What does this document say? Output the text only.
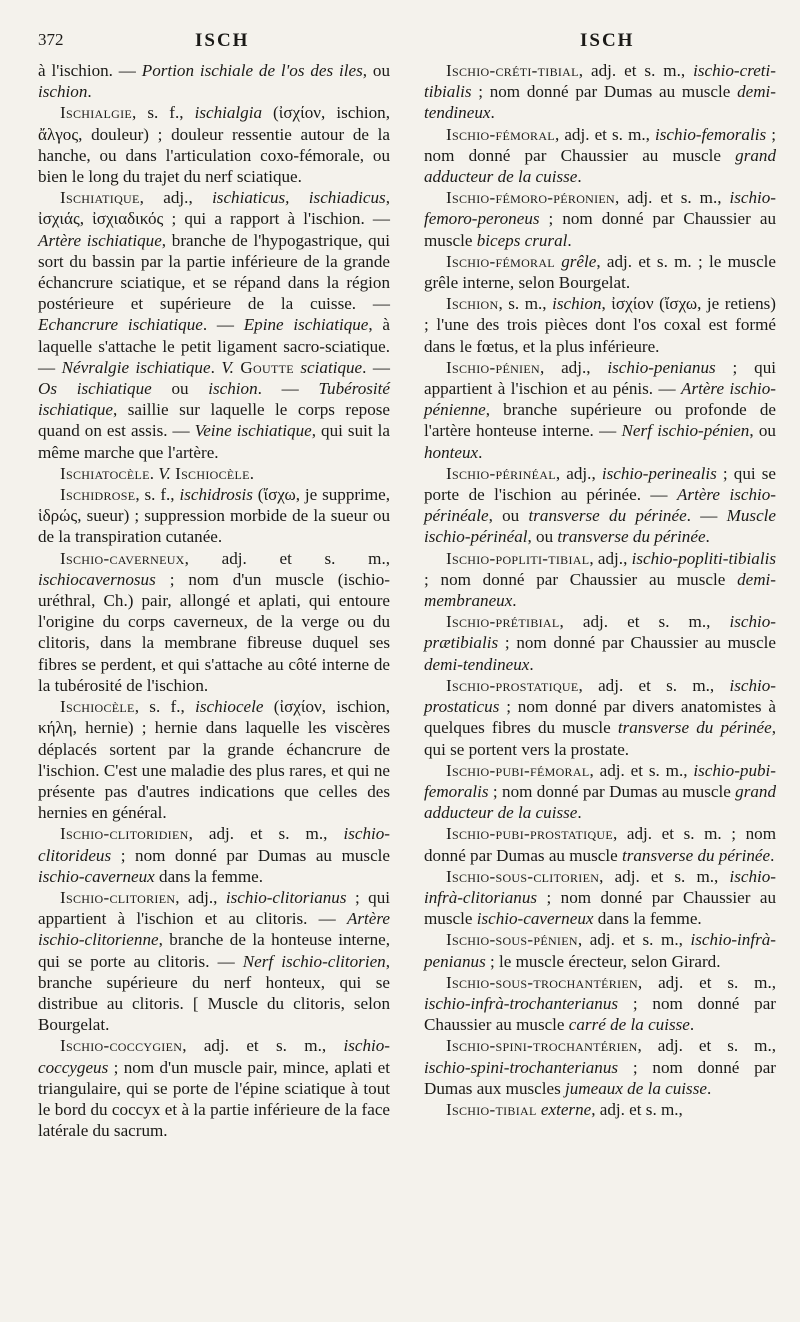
372	ISCH	ISCH

à l'ischion. — Portion ischiale de l'os des iles, ou ischion.

Ischialgie, s. f., ischialgia (ἰσχίον, ischion, ἄλγος, douleur) ; douleur ressentie autour de la hanche, ou dans l'articulation coxo-fémorale, ou bien le long du trajet du nerf sciatique.

Ischiatique, adj., ischiaticus, ischiadicus, ἰσχιάς, ἰσχιαδικός ; qui a rapport à l'ischion. — Artère ischiatique, branche de l'hypogastrique, qui sort du bassin par la partie inférieure de la grande échancrure sciatique, et se répand dans la région postérieure et supérieure de la cuisse. — Echancrure ischiatique. — Epine ischiatique, à laquelle s'attache le petit ligament sacro-sciatique. — Névralgie ischiatique. V. Goutte sciatique. — Os ischiatique ou ischion. — Tubérosité ischiatique, saillie sur laquelle le corps repose quand on est assis. — Veine ischiatique, qui suit la même marche que l'artère.

Ischiatocèle. V. Ischiocèle.

Ischidrose, s. f., ischidrosis (ἴσχω, je supprime, ἱδρώς, sueur) ; suppression morbide de la sueur ou de la transpiration cutanée.

Ischio-caverneux, adj. et s. m., ischiocavernosus ; nom d'un muscle (ischio-uréthral, Ch.) pair, allongé et aplati, qui entoure l'origine du corps caverneux, de la verge ou du clitoris, dans la membrane fibreuse duquel ses fibres se perdent, et qui s'attache au côté interne de la tubérosité de l'ischion.

Ischiocèle, s. f., ischiocele (ἰσχίον, ischion, κήλη, hernie) ; hernie dans laquelle les viscères déplacés sortent par la grande échancrure de l'ischion. C'est une maladie des plus rares, et qui ne présente pas d'autres indications que celles des hernies en général.

Ischio-clitoridien, adj. et s. m., ischio-clitorideus ; nom donné par Dumas au muscle ischio-caverneux dans la femme.

Ischio-clitorien, adj., ischio-clitorianus ; qui appartient à l'ischion et au clitoris. — Artère ischio-clitorienne, branche de la honteuse interne, qui se porte au clitoris. — Nerf ischio-clitorien, branche supérieure du nerf honteux, qui se distribue au clitoris. [ Muscle du clitoris, selon Bourgelat.

Ischio-coccygien, adj. et s. m., ischio-coccygeus ; nom d'un muscle pair, mince, aplati et triangulaire, qui se porte de l'épine sciatique à tout le bord du coccyx et à la partie inférieure de la face latérale du sacrum.

Ischio-créti-tibial, adj. et s. m., ischio-creti-tibialis ; nom donné par Dumas au muscle demi-tendineux.

Ischio-fémoral, adj. et s. m., ischio-femoralis ; nom donné par Chaussier au muscle grand adducteur de la cuisse.

Ischio-fémoro-péronien, adj. et s. m., ischio-femoro-peroneus ; nom donné par Chaussier au muscle biceps crural.

Ischio-fémoral grêle, adj. et s. m. ; le muscle grêle interne, selon Bourgelat.

Ischion, s. m., ischion, ἰσχίον (ἴσχω, je retiens) ; l'une des trois pièces dont l'os coxal est formé dans le fœtus, et la plus inférieure.

Ischio-pénien, adj., ischio-penianus ; qui appartient à l'ischion et au pénis. — Artère ischio-pénienne, branche supérieure ou profonde de l'artère honteuse interne. — Nerf ischio-pénien, ou honteux.

Ischio-périnéal, adj., ischio-perinealis ; qui se porte de l'ischion au périnée. — Artère ischio-périnéale, ou transverse du périnée. — Muscle ischio-périnéal, ou transverse du périnée.

Ischio-popliti-tibial, adj., ischio-popliti-tibialis ; nom donné par Chaussier au muscle demi-membraneux.

Ischio-prétibial, adj. et s. m., ischio-prætibialis ; nom donné par Chaussier au muscle demi-tendineux.

Ischio-prostatique, adj. et s. m., ischio-prostaticus ; nom donné par divers anatomistes à quelques fibres du muscle transverse du périnée, qui se portent vers la prostate.

Ischio-pubi-fémoral, adj. et s. m., ischio-pubi-femoralis ; nom donné par Dumas au muscle grand adducteur de la cuisse.

Ischio-pubi-prostatique, adj. et s. m. ; nom donné par Dumas au muscle transverse du périnée.

Ischio-sous-clitorien, adj. et s. m., ischio-infrà-clitorianus ; nom donné par Chaussier au muscle ischio-caverneux dans la femme.

Ischio-sous-pénien, adj. et s. m., ischio-infrà-penianus ; le muscle érecteur, selon Girard.

Ischio-sous-trochantérien, adj. et s. m., ischio-infrà-trochanterianus ; nom donné par Chaussier au muscle carré de la cuisse.

Ischio-spini-trochantérien, adj. et s. m., ischio-spini-trochanterianus ; nom donné par Dumas aux muscles jumeaux de la cuisse.

Ischio-tibial externe, adj. et s. m.,
